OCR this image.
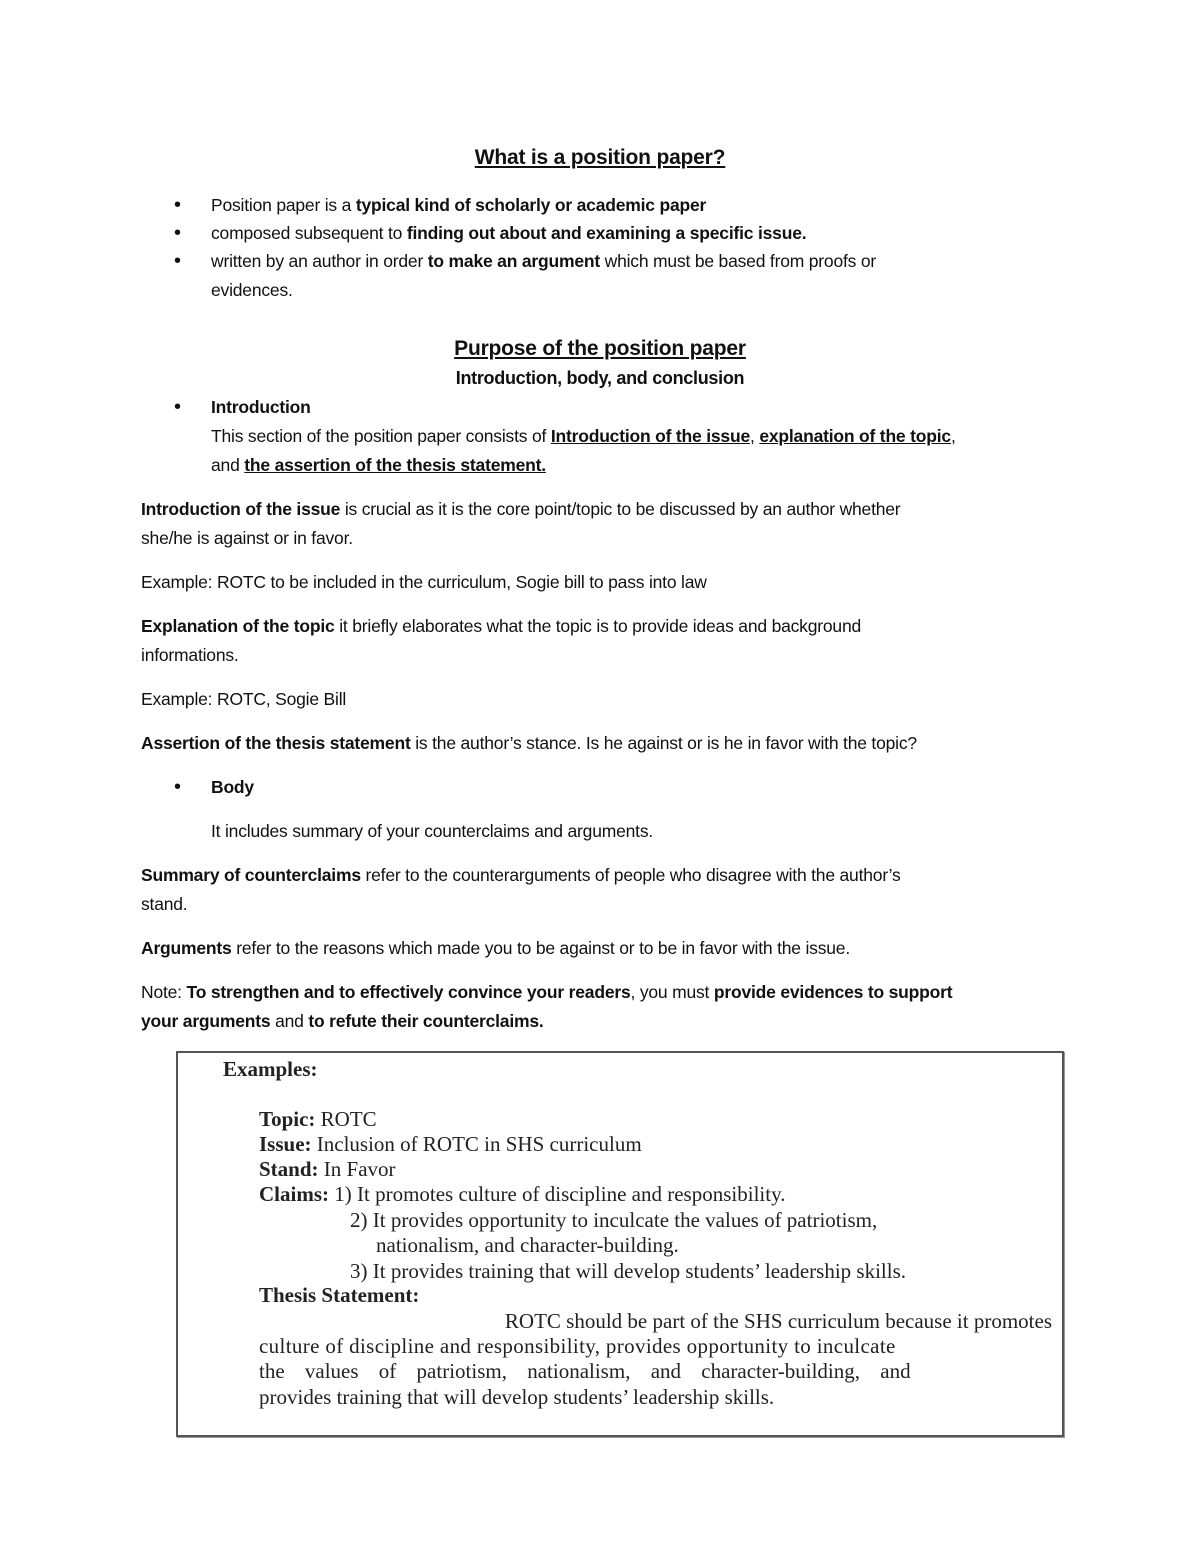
What is a position paper?
• Position paper is a typical kind of scholarly or academic paper
• composed subsequent to finding out about and examining a specific issue.
• written by an author in order to make an argument which must be based from proofs or
evidences.
Purpose of the position paper
Introduction, body, and conclusion
• Introduction
This section of the position paper consists of Introduction of the issue, explanation of the topic,
and the assertion of the thesis statement.
Introduction of the issue is crucial as it is the core point/topic to be discussed by an author whether
she/he is against or in favor.
Example: ROTC to be included in the curriculum, Sogie bill to pass into law
Explanation of the topic it briefly elaborates what the topic is to provide ideas and background
informations.
Example: ROTC, Sogie Bill
Assertion of the thesis statement is the author’s stance. Is he against or is he in favor with the topic?
• Body
It includes summary of your counterclaims and arguments.
Summary of counterclaims refer to the counterarguments of people who disagree with the author’s
stand.
Arguments refer to the reasons which made you to be against or to be in favor with the issue.
Note: To strengthen and to effectively convince your readers, you must provide evidences to support
your arguments and to refute their counterclaims.
Examples:
Topic: ROTC
Issue: Inclusion of ROTC in SHS curriculum
Stand: In Favor
Claims: 1) It promotes culture of discipline and responsibility.
2) It provides opportunity to inculcate the values of patriotism,
nationalism, and character-building.
3) It provides training that will develop students’ leadership skills.
Thesis Statement:
ROTC should be part of the SHS curriculum because it promotes
culture of discipline and responsibility, provides opportunity to inculcate
the values of patriotism, nationalism, and character-building, and
provides training that will develop students’ leadership skills.
